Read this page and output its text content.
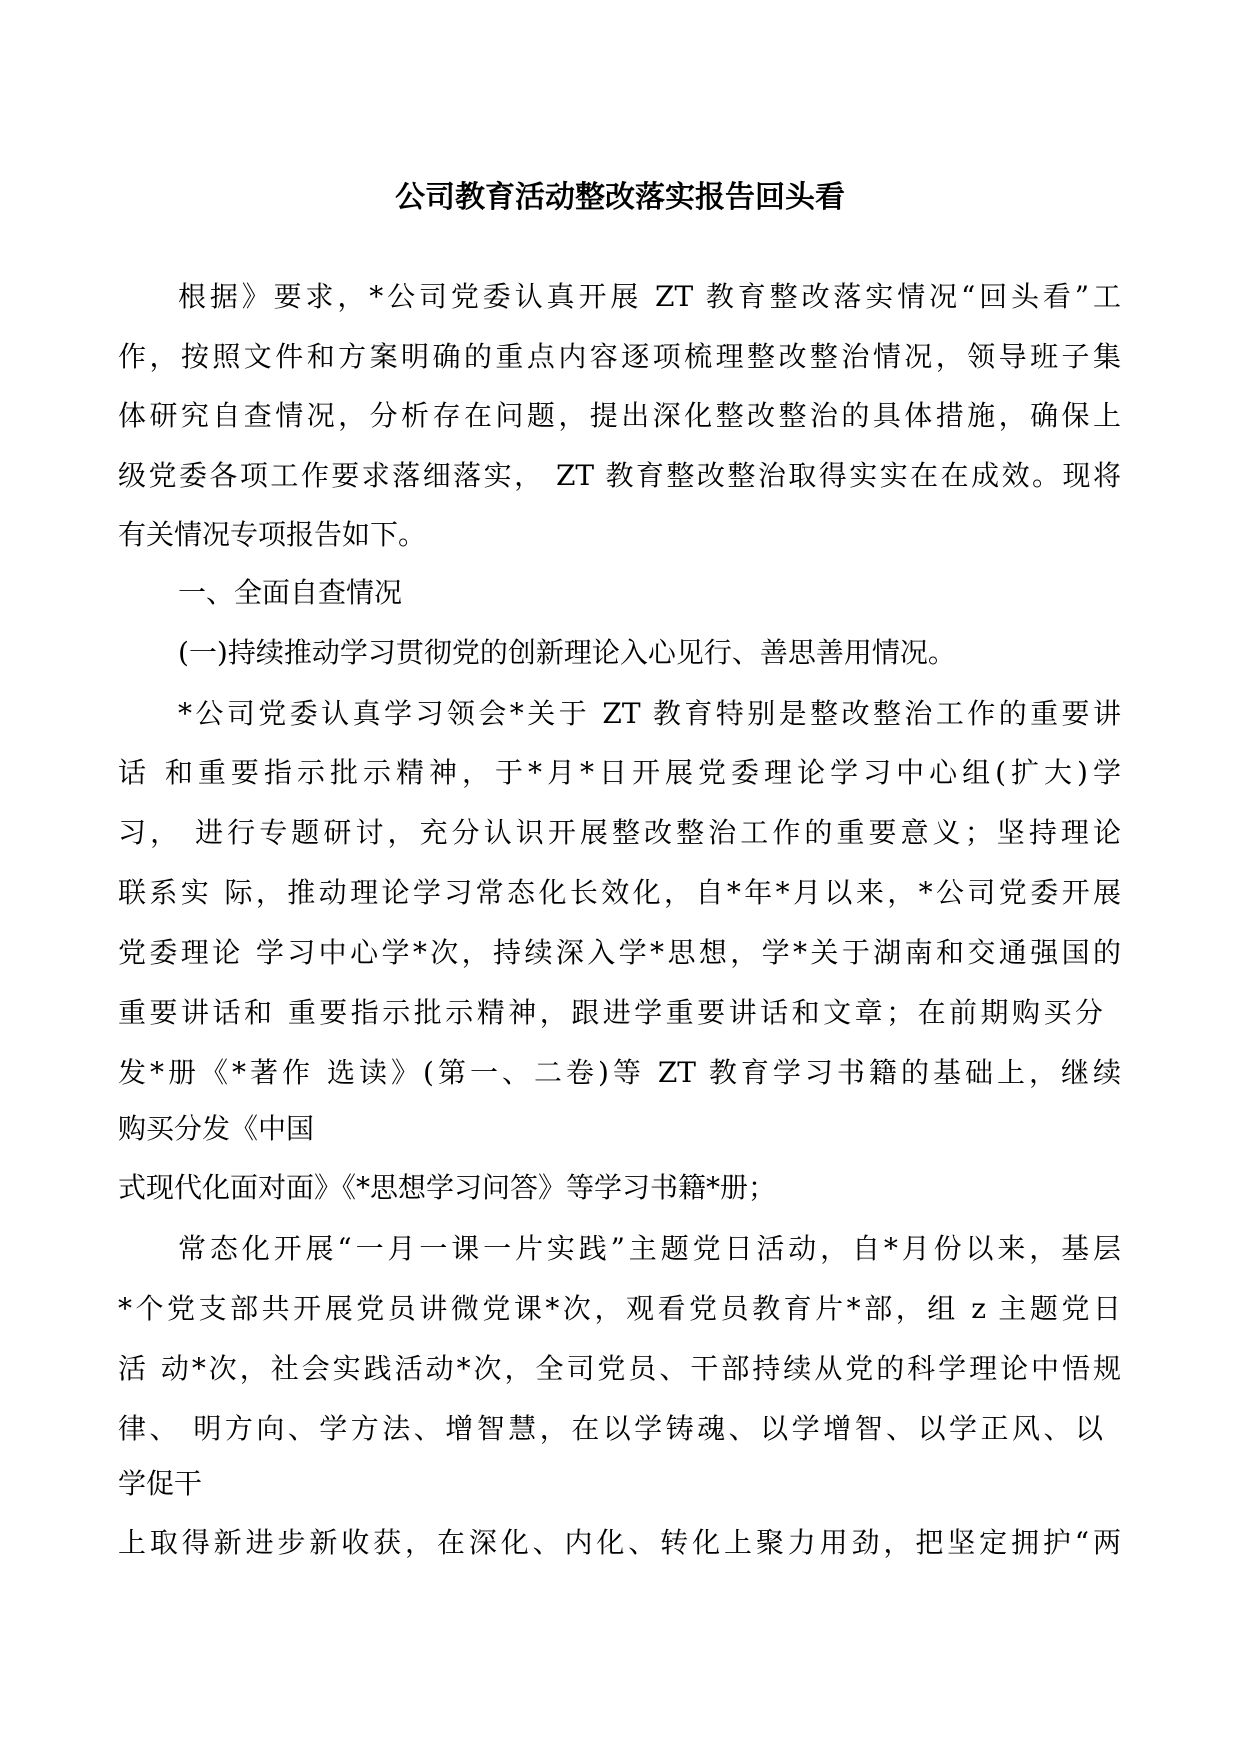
公司教育活动整改落实报告回头看
根据》要求，*公司党委认真开展 ZT 教育整改落实情况“回头看”工
作，按照文件和方案明确的重点内容逐项梳理整改整治情况，领导班子集
体研究自查情况，分析存在问题，提出深化整改整治的具体措施，确保上
级党委各项工作要求落细落实， ZT 教育整改整治取得实实在在成效。现将
有关情况专项报告如下。
一、全面自查情况
(一)持续推动学习贯彻党的创新理论入心见行、善思善用情况。
*公司党委认真学习领会*关于 ZT 教育特别是整改整治工作的重要讲
话 和重要指示批示精神，于*月*日开展党委理论学习中心组(扩大)学
习， 进行专题研讨，充分认识开展整改整治工作的重要意义；坚持理论
联系实 际，推动理论学习常态化长效化，自*年*月以来，*公司党委开展
党委理论 学习中心学*次，持续深入学*思想，学*关于湖南和交通强国的
重要讲话和 重要指示批示精神，跟进学重要讲话和文章；在前期购买分
发*册《*著作 选读》(第一、二卷)等 ZT 教育学习书籍的基础上，继续
购买分发《中国
式现代化面对面》《*思想学习问答》等学习书籍*册；
常态化开展“一月一课一片实践”主题党日活动，自*月份以来，基层
*个党支部共开展党员讲微党课*次，观看党员教育片*部，组 z 主题党日
活 动*次，社会实践活动*次，全司党员、干部持续从党的科学理论中悟规
律、 明方向、学方法、增智慧，在以学铸魂、以学增智、以学正风、以
学促干
上取得新进步新收获，在深化、内化、转化上聚力用劲，把坚定拥护“两
